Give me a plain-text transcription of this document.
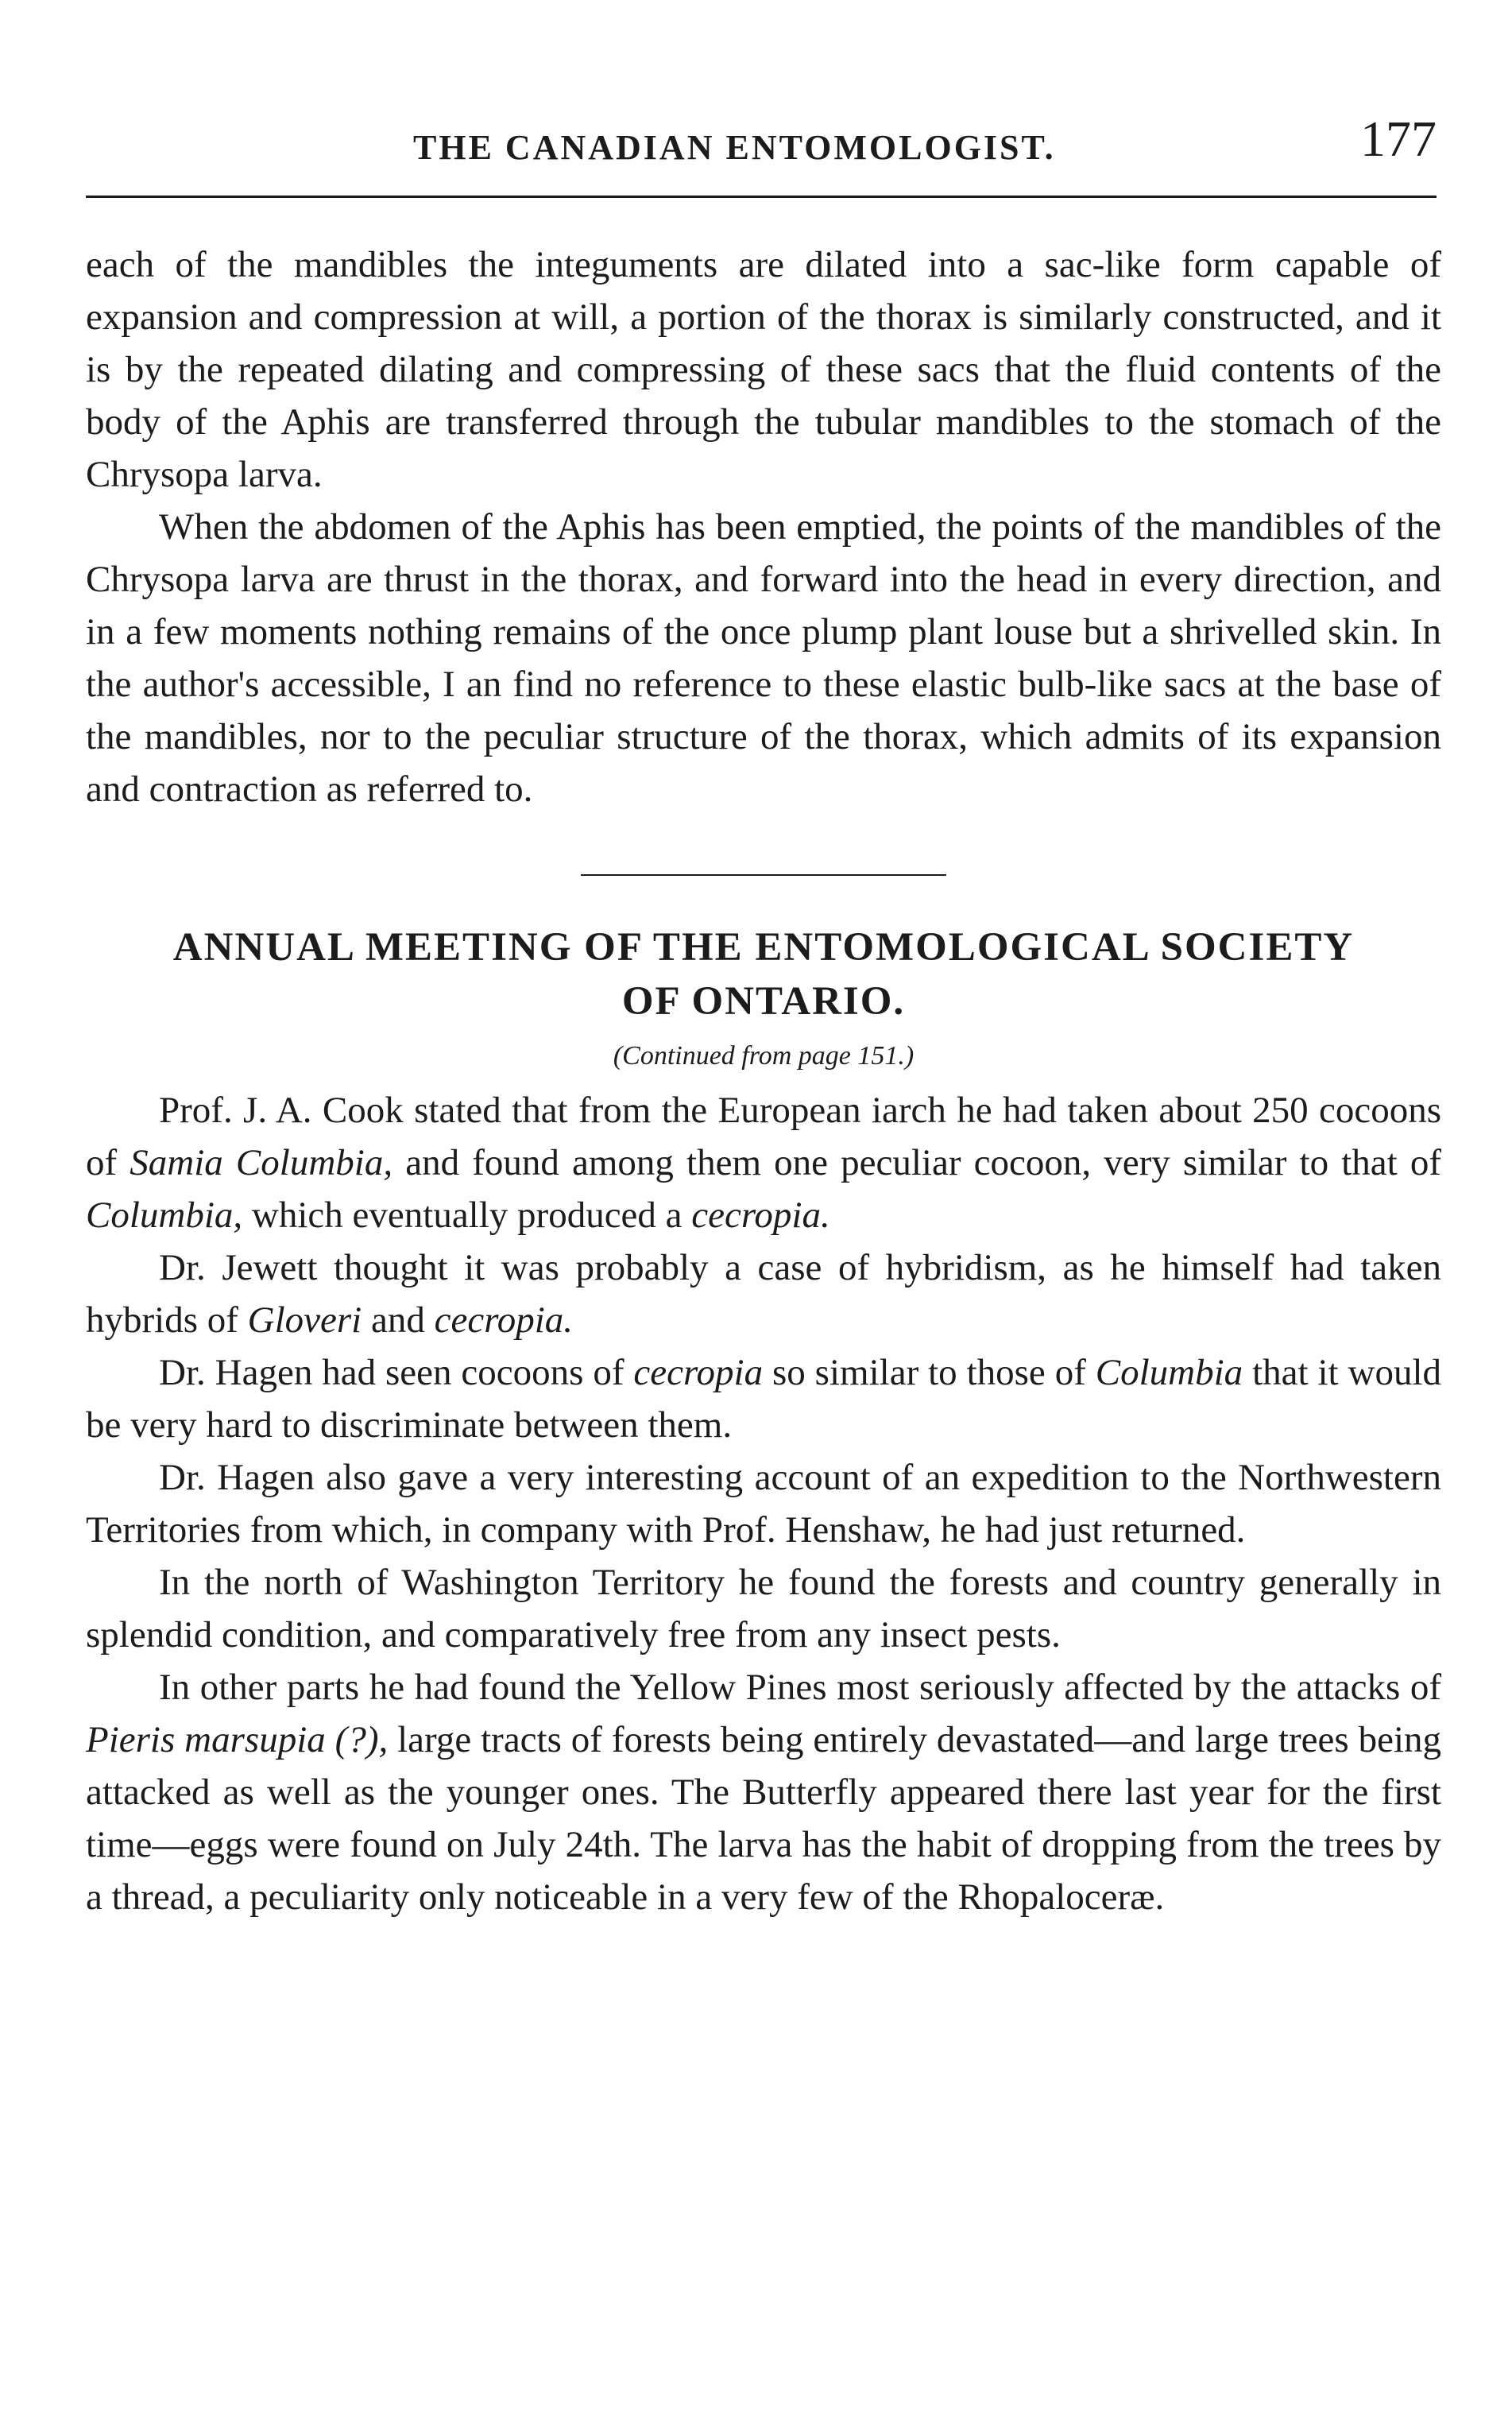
THE CANADIAN ENTOMOLOGIST.	177

each of the mandibles the integuments are dilated into a sac-like form capable of expansion and compression at will, a portion of the thorax is similarly constructed, and it is by the repeated dilating and compressing of these sacs that the fluid contents of the body of the Aphis are transferred through the tubular mandibles to the stomach of the Chrysopa larva.

When the abdomen of the Aphis has been emptied, the points of the mandibles of the Chrysopa larva are thrust in the thorax, and forward into the head in every direction, and in a few moments nothing remains of the once plump plant louse but a shrivelled skin. In the author's accessible, I an find no reference to these elastic bulb-like sacs at the base of the mandibles, nor to the peculiar structure of the thorax, which admits of its expansion and contraction as referred to.

ANNUAL MEETING OF THE ENTOMOLOGICAL SOCIETY
OF ONTARIO.
(Continued from page 151.)

Prof. J. A. Cook stated that from the European iarch he had taken about 250 cocoons of Samia Columbia, and found among them one peculiar cocoon, very similar to that of Columbia, which eventually produced a cecropia.

Dr. Jewett thought it was probably a case of hybridism, as he himself had taken hybrids of Gloveri and cecropia.

Dr. Hagen had seen cocoons of cecropia so similar to those of Columbia that it would be very hard to discriminate between them.

Dr. Hagen also gave a very interesting account of an expedition to the Northwestern Territories from which, in company with Prof. Henshaw, he had just returned.

In the north of Washington Territory he found the forests and country generally in splendid condition, and comparatively free from any insect pests.

In other parts he had found the Yellow Pines most seriously affected by the attacks of Pieris marsupia (?), large tracts of forests being entirely devastated—and large trees being attacked as well as the younger ones. The Butterfly appeared there last year for the first time—eggs were found on July 24th. The larva has the habit of dropping from the trees by a thread, a peculiarity only noticeable in a very few of the Rhopaloceræ.
